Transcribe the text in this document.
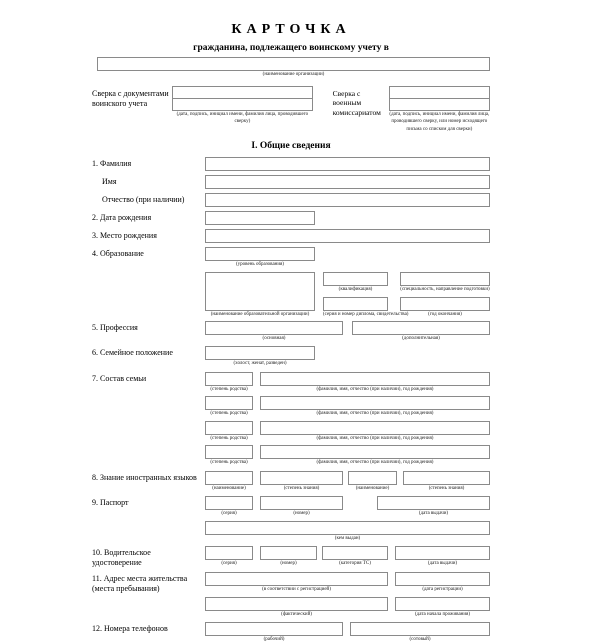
КАРТОЧКА
гражданина, подлежащего воинскому учету в
(наименование организации)
Сверка с документами воинского учета
(дата, подпись, инициал имени, фамилия лица, проводившего сверку)
Сверка с военным комиссариатом	(дата, подпись, инициал имени, фамилия лица, проводившего сверку, или номер исходящего письма со списком для сверки)
I. Общие сведения
1. Фамилия
Имя
Отчество (при наличии)
2. Дата рождения
3. Место рождения
4. Образование
(уровень образования)
(наименование образовательной организации)
(квалификация)	(специальность, направление подготовки)
(серия и номер диплома, свидетельства)	(год окончания)
5. Профессия
(основная)	(дополнительная)
6. Семейное положение
(холост, женат, разведен)
7. Состав семьи
(степень родства)	(фамилия, имя, отчество (при наличии), год рождения)
(степень родства)	(фамилия, имя, отчество (при наличии), год рождения)
(степень родства)	(фамилия, имя, отчество (при наличии), год рождения)
(степень родства)	(фамилия, имя, отчество (при наличии), год рождения)
8. Знание иностранных языков
(наименование)	(степень знания)	(наименование)	(степень знания)
9. Паспорт
(серия)	(номер)	(дата выдачи)
(кем выдан)
10. Водительское удостоверение	(серия)	(номер)	(категория ТС)	(дата выдачи)
11. Адрес места жительства (места пребывания)	(в соответствии с регистрацией)	(дата регистрации)
(фактический)	(дата начала проживания)
12. Номера телефонов
(рабочий)	(сотовый)
